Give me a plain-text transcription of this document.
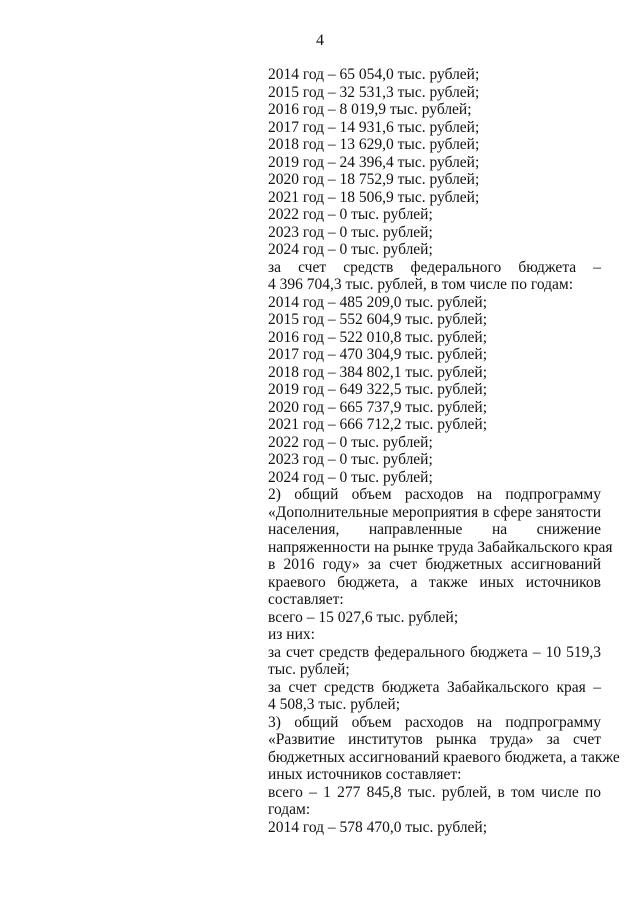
4
2014 год – 65 054,0 тыс. рублей;
2015 год – 32 531,3 тыс. рублей;
2016 год – 8 019,9 тыс. рублей;
2017 год – 14 931,6 тыс. рублей;
2018 год – 13 629,0 тыс. рублей;
2019 год – 24 396,4 тыс. рублей;
2020 год – 18 752,9 тыс. рублей;
2021 год – 18 506,9 тыс. рублей;
2022 год – 0 тыс. рублей;
2023 год – 0 тыс. рублей;
2024 год – 0 тыс. рублей;
за счет средств федерального бюджета –
4 396 704,3 тыс. рублей, в том числе по годам:
2014 год – 485 209,0 тыс. рублей;
2015 год – 552 604,9 тыс. рублей;
2016 год – 522 010,8 тыс. рублей;
2017 год – 470 304,9 тыс. рублей;
2018 год – 384 802,1 тыс. рублей;
2019 год – 649 322,5 тыс. рублей;
2020 год – 665 737,9 тыс. рублей;
2021 год – 666 712,2 тыс. рублей;
2022 год – 0 тыс. рублей;
2023 год – 0 тыс. рублей;
2024 год – 0 тыс. рублей;
2) общий объем расходов на подпрограмму
«Дополнительные мероприятия в сфере занятости
населения, направленные на снижение
напряженности на рынке труда Забайкальского края
в 2016 году» за счет бюджетных ассигнований
краевого бюджета, а также иных источников
составляет:
всего – 15 027,6 тыс. рублей;
из них:
за счет средств федерального бюджета – 10 519,3
тыс. рублей;
за счет средств бюджета Забайкальского края –
4 508,3 тыс. рублей;
3) общий объем расходов на подпрограмму
«Развитие институтов рынка труда» за счет
бюджетных ассигнований краевого бюджета, а также
иных источников составляет:
всего – 1 277 845,8 тыс. рублей, в том числе по
годам:
2014 год – 578 470,0 тыс. рублей;
